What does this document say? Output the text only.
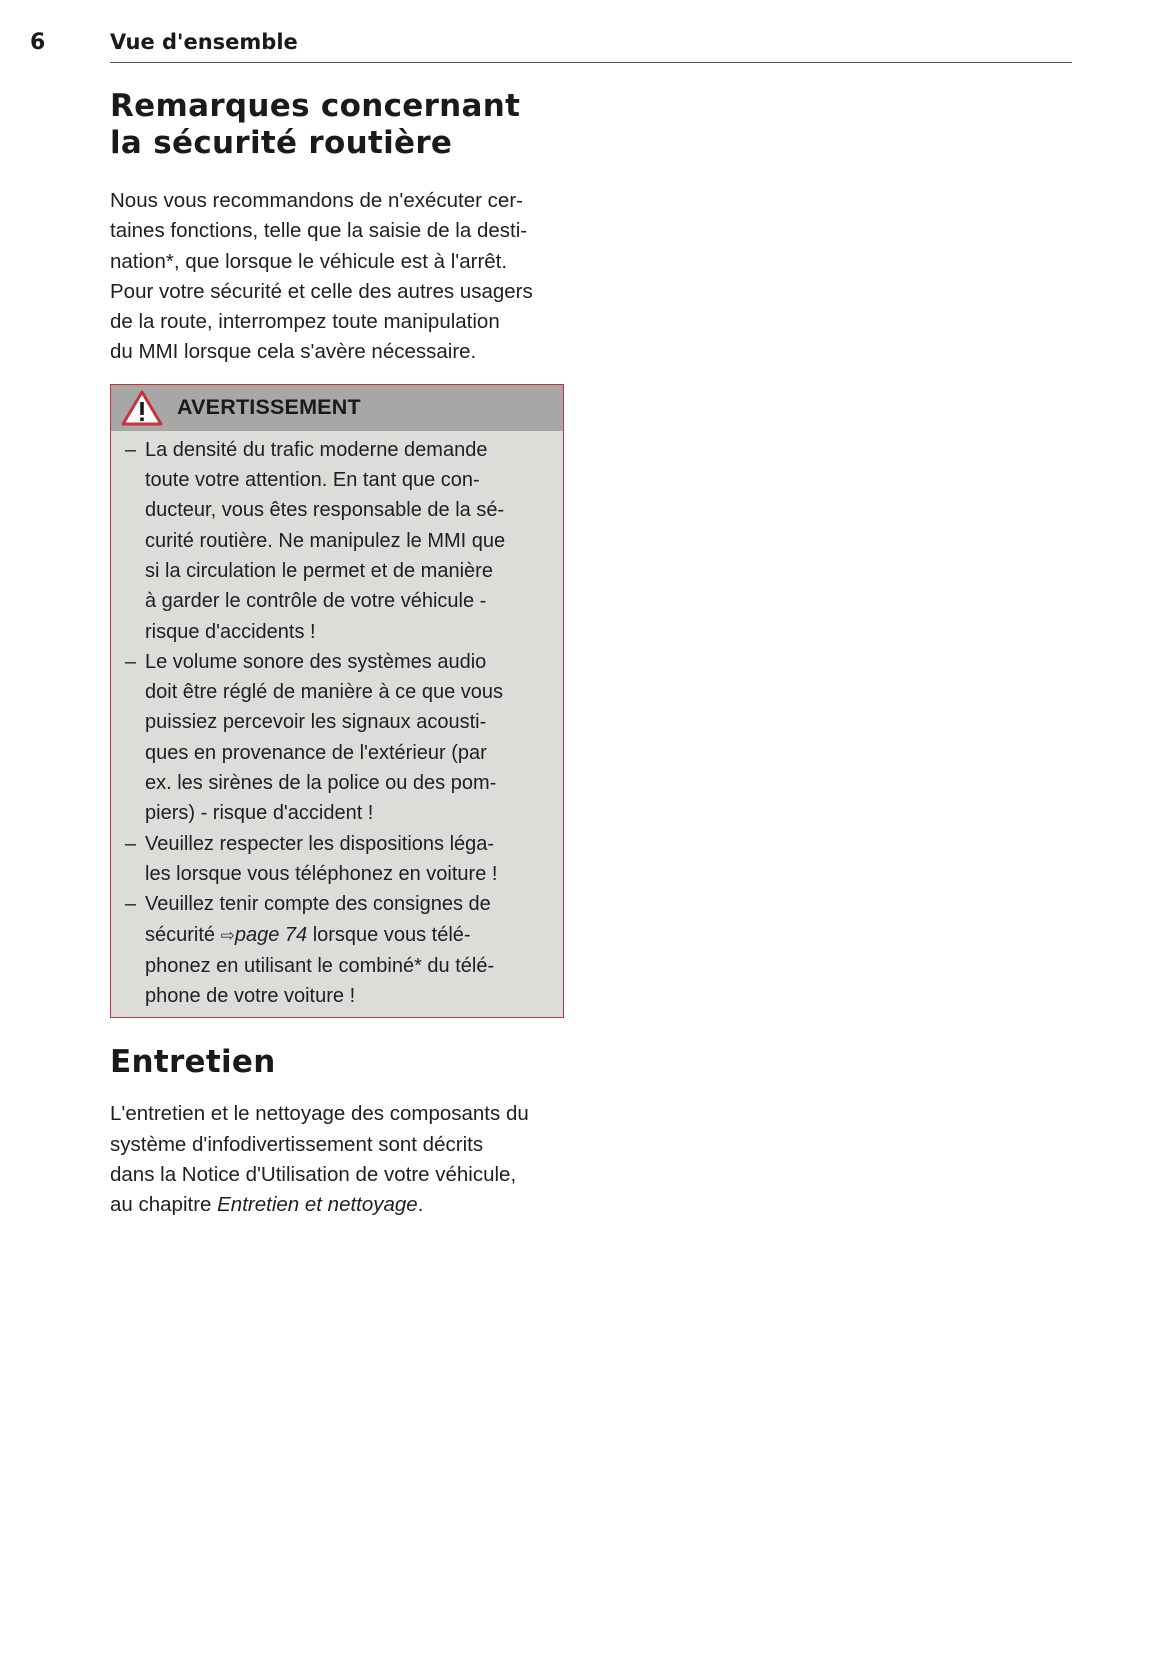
6	Vue d'ensemble
Remarques concernant
la sécurité routière

Nous vous recommandons de n'exécuter cer-
taines fonctions, telle que la saisie de la desti-
nation*, que lorsque le véhicule est à l'arrêt.
Pour votre sécurité et celle des autres usagers
de la route, interrompez toute manipulation
du MMI lorsque cela s'avère nécessaire.

AVERTISSEMENT
– La densité du trafic moderne demande
toute votre attention. En tant que con-
ducteur, vous êtes responsable de la sé-
curité routière. Ne manipulez le MMI que
si la circulation le permet et de manière
à garder le contrôle de votre véhicule -
risque d'accidents !
– Le volume sonore des systèmes audio
doit être réglé de manière à ce que vous
puissiez percevoir les signaux acousti-
ques en provenance de l'extérieur (par
ex. les sirènes de la police ou des pom-
piers) - risque d'accident !
– Veuillez respecter les dispositions léga-
les lorsque vous téléphonez en voiture !
– Veuillez tenir compte des consignes de
sécurité ⇨page 74 lorsque vous télé-
phonez en utilisant le combiné* du télé-
phone de votre voiture !
Entretien

L'entretien et le nettoyage des composants du
système d'infodivertissement sont décrits
dans la Notice d'Utilisation de votre véhicule,
au chapitre Entretien et nettoyage.
